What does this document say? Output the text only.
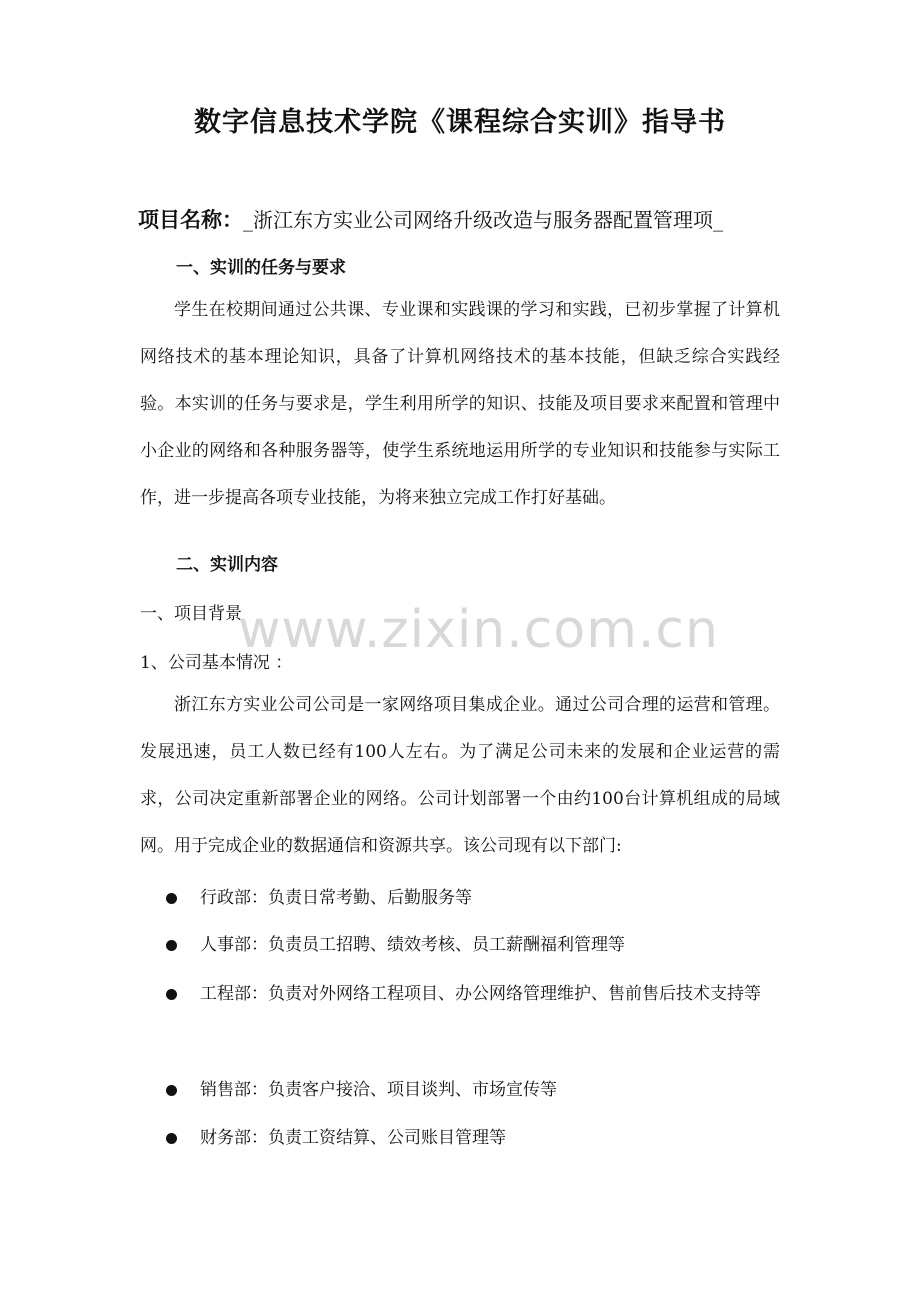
数字信息技术学院《课程综合实训》指导书
项目名称：_浙江东方实业公司网络升级改造与服务器配置管理项_
一、实训的任务与要求

学生在校期间通过公共课、专业课和实践课的学习和实践，已初步掌握了计算机网络技术的基本理论知识，具备了计算机网络技术的基本技能，但缺乏综合实践经验。本实训的任务与要求是，学生利用所学的知识、技能及项目要求来配置和管理中小企业的网络和各种服务器等，使学生系统地运用所学的专业知识和技能参与实际工作，进一步提高各项专业技能，为将来独立完成工作打好基础。

二、实训内容
一、项目背景
1、公司基本情况 ：

浙江东方实业公司公司是一家网络项目集成企业。通过公司合理的运营和管理。发展迅速，员工人数已经有100人左右。为了满足公司未来的发展和企业运营的需求，公司决定重新部署企业的网络。公司计划部署一个由约100台计算机组成的局域网。用于完成企业的数据通信和资源共享。该公司现有以下部门:

行政部：负责日常考勤、后勤服务等
人事部：负责员工招聘、绩效考核、员工薪酬福利管理等
工程部：负责对外网络工程项目、办公网络管理维护、售前售后技术支持等
销售部：负责客户接洽、项目谈判、市场宣传等
财务部：负责工资结算、公司账目管理等
www.zixin.com.cn
